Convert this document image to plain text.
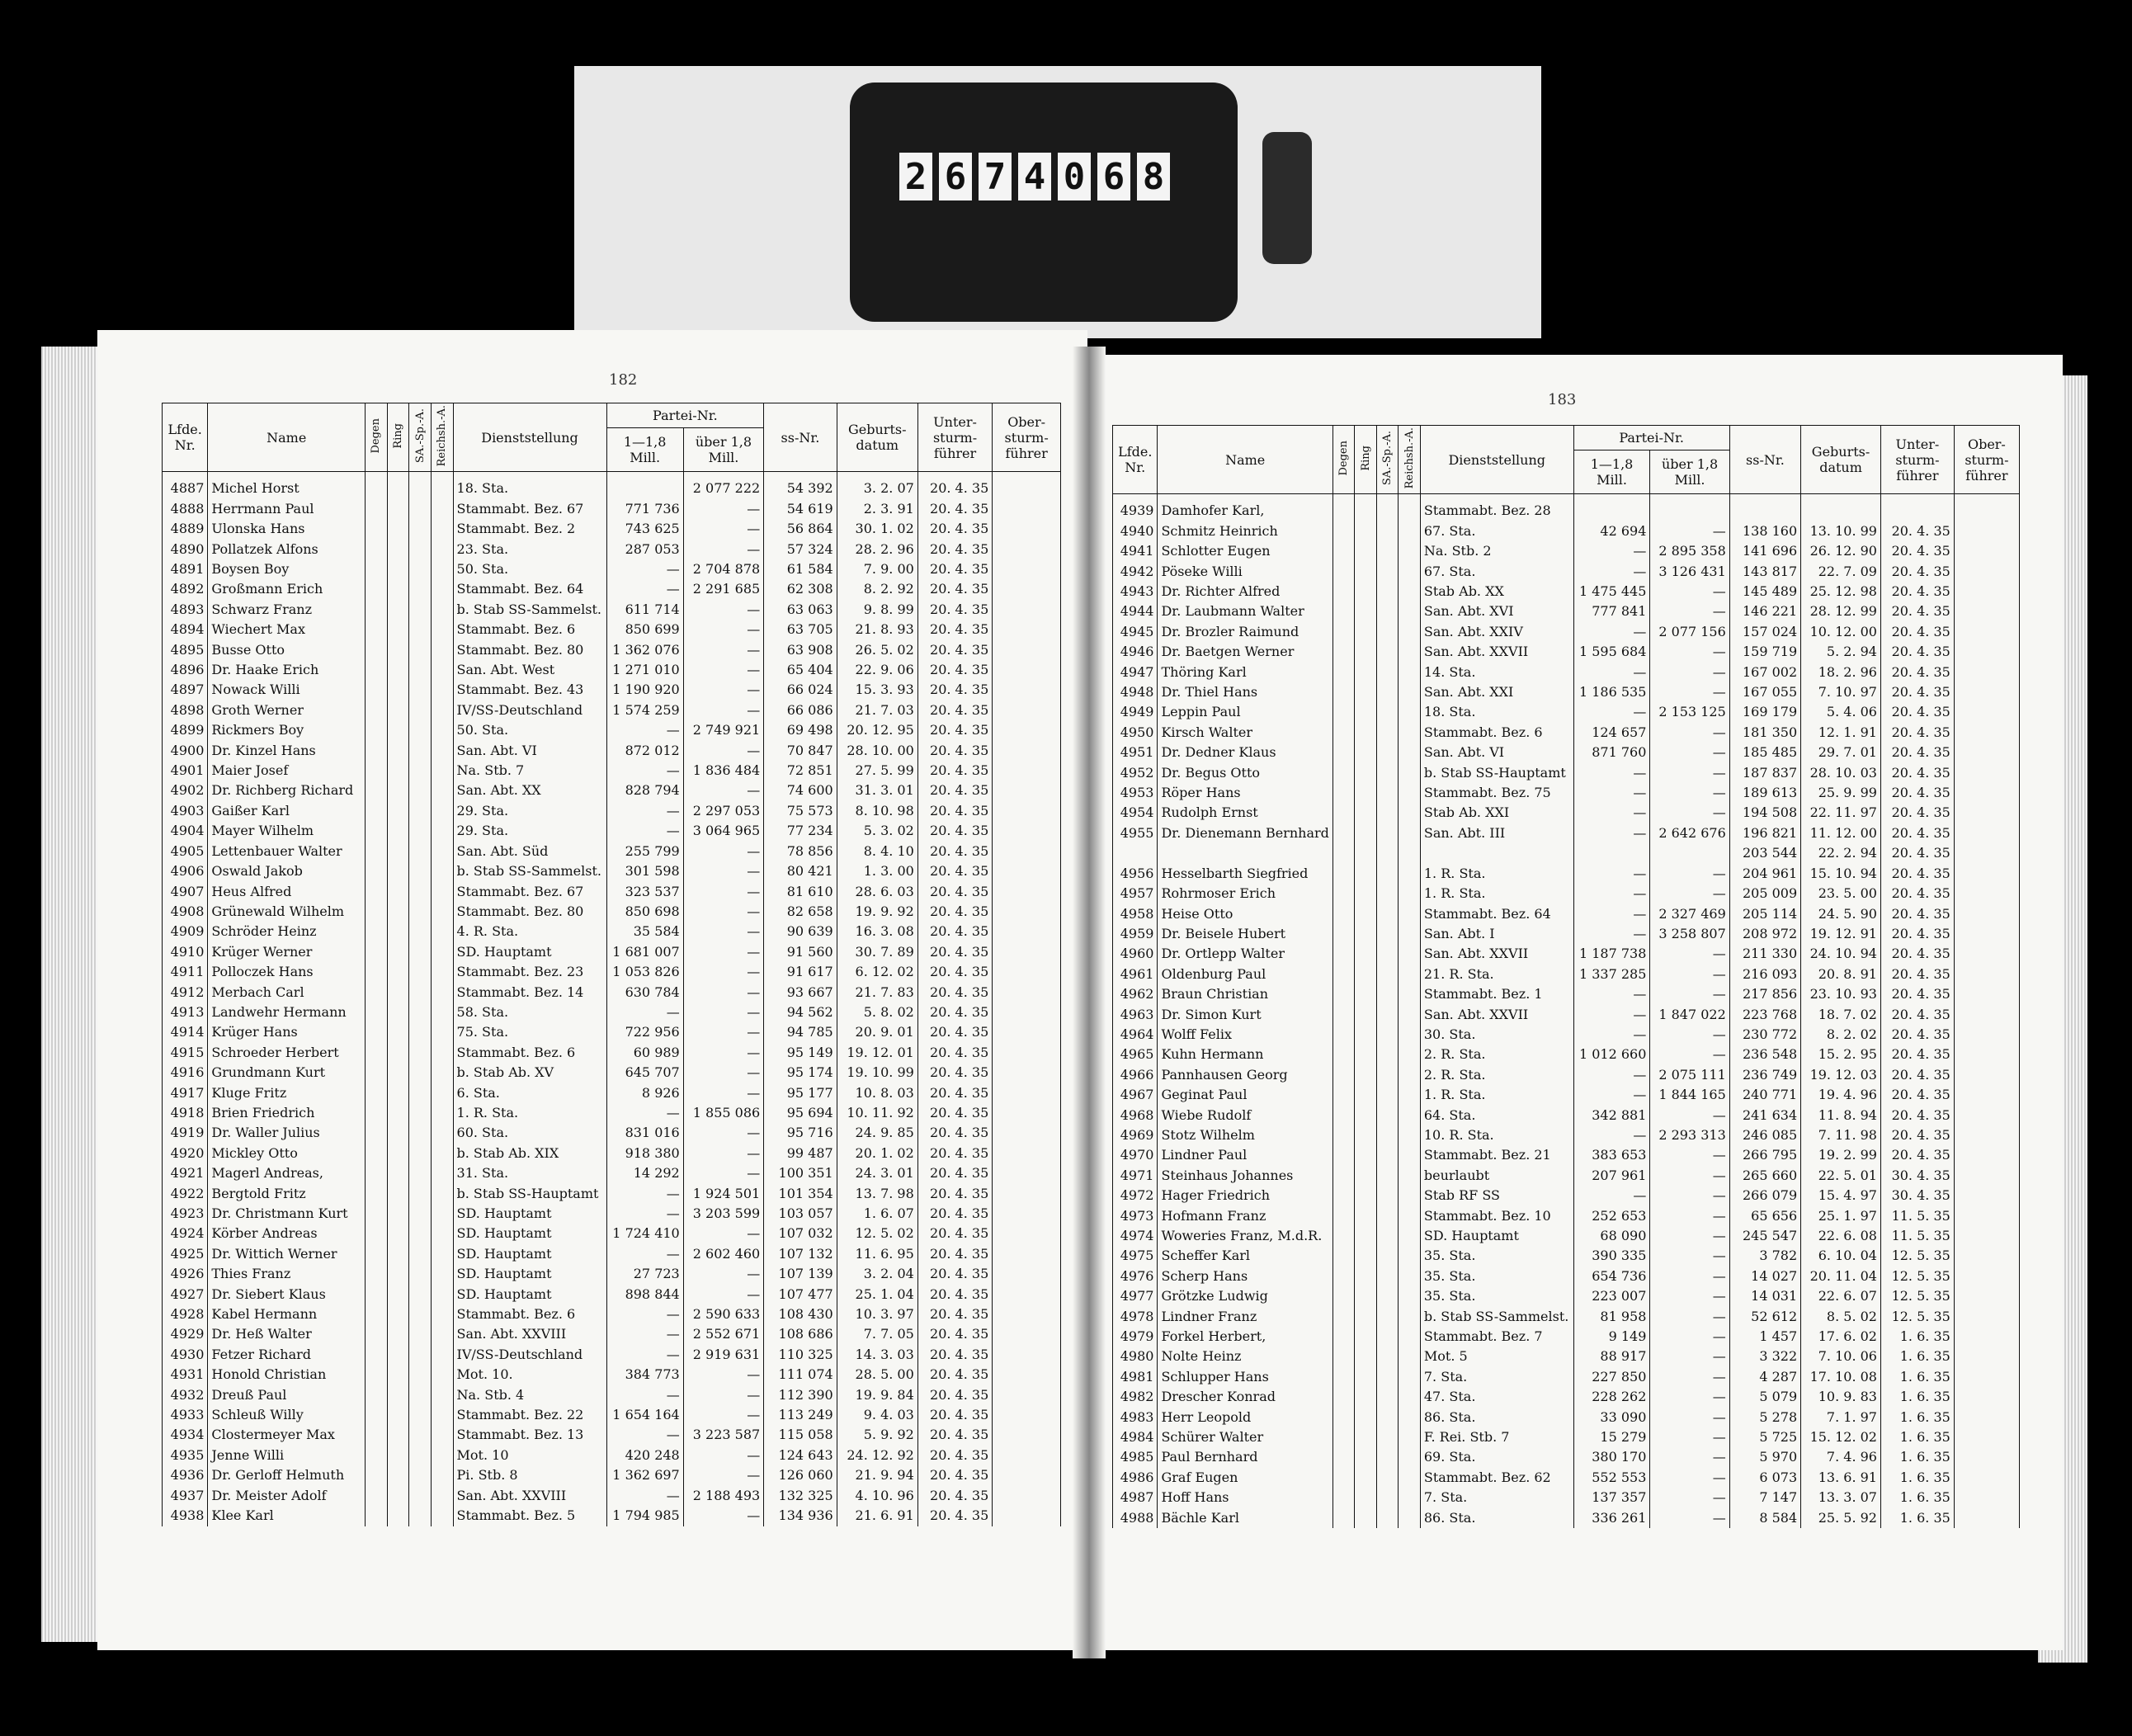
2 6 7 4 0 6 8
182
183
Lfde. Nr.	Name	Degen	Ring	SA.-Sp.-A.	Reichsh.-A.	Dienststellung	Partei-Nr.		ss-Nr.	Geburts-datum	Unter-sturm-führer	Ober-sturm-führer
							1—1,8 Mill.	über 1,8 Mill.				
4887	Michel Horst					18. Sta.		2 077 222	54 392	3. 2. 07	20. 4. 35	
4888	Herrmann Paul					Stammabt. Bez. 67	771 736	—	54 619	2. 3. 91	20. 4. 35	
4889	Ulonska Hans					Stammabt. Bez. 2	743 625	—	56 864	30. 1. 02	20. 4. 35	
4890	Pollatzek Alfons					23. Sta.	287 053	—	57 324	28. 2. 96	20. 4. 35	
4891	Boysen Boy					50. Sta.	—	2 704 878	61 584	7. 9. 00	20. 4. 35	
4892	Großmann Erich					Stammabt. Bez. 64	—	2 291 685	62 308	8. 2. 92	20. 4. 35	
4893	Schwarz Franz					b. Stab SS-Sammelst.	611 714	—	63 063	9. 8. 99	20. 4. 35	
4894	Wiechert Max					Stammabt. Bez. 6	850 699	—	63 705	21. 8. 93	20. 4. 35	
4895	Busse Otto					Stammabt. Bez. 80	1 362 076	—	63 908	26. 5. 02	20. 4. 35	
4896	Dr. Haake Erich					San. Abt. West	1 271 010	—	65 404	22. 9. 06	20. 4. 35	
4897	Nowack Willi					Stammabt. Bez. 43	1 190 920	—	66 024	15. 3. 93	20. 4. 35	
4898	Groth Werner					IV/SS-Deutschland	1 574 259	—	66 086	21. 7. 03	20. 4. 35	
4899	Rickmers Boy					50. Sta.	—	2 749 921	69 498	20. 12. 95	20. 4. 35	
4900	Dr. Kinzel Hans					San. Abt. VI	872 012	—	70 847	28. 10. 00	20. 4. 35	
4901	Maier Josef					Na. Stb. 7	—	1 836 484	72 851	27. 5. 99	20. 4. 35	
4902	Dr. Richberg Richard					San. Abt. XX	828 794	—	74 600	31. 3. 01	20. 4. 35	
4903	Gaißer Karl					29. Sta.	—	2 297 053	75 573	8. 10. 98	20. 4. 35	
4904	Mayer Wilhelm					29. Sta.	—	3 064 965	77 234	5. 3. 02	20. 4. 35	
4905	Lettenbauer Walter					San. Abt. Süd	255 799	—	78 856	8. 4. 10	20. 4. 35	
4906	Oswald Jakob					b. Stab SS-Sammelst.	301 598	—	80 421	1. 3. 00	20. 4. 35	
4907	Heus Alfred					Stammabt. Bez. 67	323 537	—	81 610	28. 6. 03	20. 4. 35	
4908	Grünewald Wilhelm					Stammabt. Bez. 80	850 698	—	82 658	19. 9. 92	20. 4. 35	
4909	Schröder Heinz					4. R. Sta.	35 584	—	90 639	16. 3. 08	20. 4. 35	
4910	Krüger Werner					SD. Hauptamt	1 681 007	—	91 560	30. 7. 89	20. 4. 35	
4911	Polloczek Hans					Stammabt. Bez. 23	1 053 826	—	91 617	6. 12. 02	20. 4. 35	
4912	Merbach Carl					Stammabt. Bez. 14	630 784	—	93 667	21. 7. 83	20. 4. 35	
4913	Landwehr Hermann					58. Sta.	—	—	94 562	5. 8. 02	20. 4. 35	
4914	Krüger Hans					75. Sta.	722 956	—	94 785	20. 9. 01	20. 4. 35	
4915	Schroeder Herbert					Stammabt. Bez. 6	60 989	—	95 149	19. 12. 01	20. 4. 35	
4916	Grundmann Kurt					b. Stab Ab. XV	645 707	—	95 174	19. 10. 99	20. 4. 35	
4917	Kluge Fritz					6. Sta.	8 926	—	95 177	10. 8. 03	20. 4. 35	
4918	Brien Friedrich					1. R. Sta.	—	1 855 086	95 694	10. 11. 92	20. 4. 35	
4919	Dr. Waller Julius					60. Sta.	831 016	—	95 716	24. 9. 85	20. 4. 35	
4920	Mickley Otto					b. Stab Ab. XIX	918 380	—	99 487	20. 1. 02	20. 4. 35	
4921	Magerl Andreas,					31. Sta.	14 292	—	100 351	24. 3. 01	20. 4. 35	
4922	Bergtold Fritz					b. Stab SS-Hauptamt	—	1 924 501	101 354	13. 7. 98	20. 4. 35	
4923	Dr. Christmann Kurt					SD. Hauptamt	—	3 203 599	103 057	1. 6. 07	20. 4. 35	
4924	Körber Andreas					SD. Hauptamt	1 724 410	—	107 032	12. 5. 02	20. 4. 35	
4925	Dr. Wittich Werner					SD. Hauptamt	—	2 602 460	107 132	11. 6. 95	20. 4. 35	
4926	Thies Franz					SD. Hauptamt	27 723	—	107 139	3. 2. 04	20. 4. 35	
4927	Dr. Siebert Klaus					SD. Hauptamt	898 844	—	107 477	25. 1. 04	20. 4. 35	
4928	Kabel Hermann					Stammabt. Bez. 6	—	2 590 633	108 430	10. 3. 97	20. 4. 35	
4929	Dr. Heß Walter					San. Abt. XXVIII	—	2 552 671	108 686	7. 7. 05	20. 4. 35	
4930	Fetzer Richard					IV/SS-Deutschland	—	2 919 631	110 325	14. 3. 03	20. 4. 35	
4931	Honold Christian					Mot. 10.	384 773	—	111 074	28. 5. 00	20. 4. 35	
4932	Dreuß Paul					Na. Stb. 4	—	—	112 390	19. 9. 84	20. 4. 35	
4933	Schleuß Willy					Stammabt. Bez. 22	1 654 164	—	113 249	9. 4. 03	20. 4. 35	
4934	Clostermeyer Max					Stammabt. Bez. 13	—	3 223 587	115 058	5. 9. 92	20. 4. 35	
4935	Jenne Willi					Mot. 10	420 248	—	124 643	24. 12. 92	20. 4. 35	
4936	Dr. Gerloff Helmuth					Pi. Stb. 8	1 362 697	—	126 060	21. 9. 94	20. 4. 35	
4937	Dr. Meister Adolf					San. Abt. XXVIII	—	2 188 493	132 325	4. 10. 96	20. 4. 35	
4938	Klee Karl					Stammabt. Bez. 5	1 794 985	—	134 936	21. 6. 91	20. 4. 35	
Lfde. Nr.	Name	Degen	Ring	SA.-Sp.-A.	Reichsh.-A.	Dienststellung	Partei-Nr.		ss-Nr.	Geburts-datum	Unter-sturm-führer	Ober-sturm-führer
							1—1,8 Mill.	über 1,8 Mill.				
4939	Damhofer Karl,					Stammabt. Bez. 28						
4940	Schmitz Heinrich					67. Sta.	42 694	—	138 160	13. 10. 99	20. 4. 35	
4941	Schlotter Eugen					Na. Stb. 2	—	2 895 358	141 696	26. 12. 90	20. 4. 35	
4942	Pöseke Willi					67. Sta.	—	3 126 431	143 817	22. 7. 09	20. 4. 35	
4943	Dr. Richter Alfred					Stab Ab. XX	1 475 445	—	145 489	25. 12. 98	20. 4. 35	
4944	Dr. Laubmann Walter					San. Abt. XVI	777 841	—	146 221	28. 12. 99	20. 4. 35	
4945	Dr. Brozler Raimund					San. Abt. XXIV	—	2 077 156	157 024	10. 12. 00	20. 4. 35	
4946	Dr. Baetgen Werner					San. Abt. XXVII	1 595 684	—	159 719	5. 2. 94	20. 4. 35	
4947	Thöring Karl					14. Sta.	—	—	167 002	18. 2. 96	20. 4. 35	
4948	Dr. Thiel Hans					San. Abt. XXI	1 186 535	—	167 055	7. 10. 97	20. 4. 35	
4949	Leppin Paul					18. Sta.	—	2 153 125	169 179	5. 4. 06	20. 4. 35	
4950	Kirsch Walter					Stammabt. Bez. 6	124 657	—	181 350	12. 1. 91	20. 4. 35	
4951	Dr. Dedner Klaus					San. Abt. VI	871 760	—	185 485	29. 7. 01	20. 4. 35	
4952	Dr. Begus Otto					b. Stab SS-Hauptamt	—	—	187 837	28. 10. 03	20. 4. 35	
4953	Röper Hans					Stammabt. Bez. 75	—	—	189 613	25. 9. 99	20. 4. 35	
4954	Rudolph Ernst					Stab Ab. XXI	—	—	194 508	22. 11. 97	20. 4. 35	
4955	Dr. Dienemann Bernhard					San. Abt. III	—	2 642 676	196 821	11. 12. 00	20. 4. 35	
									203 544	22. 2. 94	20. 4. 35	
4956	Hesselbarth Siegfried					1. R. Sta.	—	—	204 961	15. 10. 94	20. 4. 35	
4957	Rohrmoser Erich					1. R. Sta.	—	—	205 009	23. 5. 00	20. 4. 35	
4958	Heise Otto					Stammabt. Bez. 64	—	2 327 469	205 114	24. 5. 90	20. 4. 35	
4959	Dr. Beisele Hubert					San. Abt. I	—	3 258 807	208 972	19. 12. 91	20. 4. 35	
4960	Dr. Ortlepp Walter					San. Abt. XXVII	1 187 738	—	211 330	24. 10. 94	20. 4. 35	
4961	Oldenburg Paul					21. R. Sta.	1 337 285	—	216 093	20. 8. 91	20. 4. 35	
4962	Braun Christian					Stammabt. Bez. 1	—	—	217 856	23. 10. 93	20. 4. 35	
4963	Dr. Simon Kurt					San. Abt. XXVII	—	1 847 022	223 768	18. 7. 02	20. 4. 35	
4964	Wolff Felix					30. Sta.	—	—	230 772	8. 2. 02	20. 4. 35	
4965	Kuhn Hermann					2. R. Sta.	1 012 660	—	236 548	15. 2. 95	20. 4. 35	
4966	Pannhausen Georg					2. R. Sta.	—	2 075 111	236 749	19. 12. 03	20. 4. 35	
4967	Geginat Paul					1. R. Sta.	—	1 844 165	240 771	19. 4. 96	20. 4. 35	
4968	Wiebe Rudolf					64. Sta.	342 881	—	241 634	11. 8. 94	20. 4. 35	
4969	Stotz Wilhelm					10. R. Sta.	—	2 293 313	246 085	7. 11. 98	20. 4. 35	
4970	Lindner Paul					Stammabt. Bez. 21	383 653	—	266 795	19. 2. 99	20. 4. 35	
4971	Steinhaus Johannes					beurlaubt	207 961	—	265 660	22. 5. 01	30. 4. 35	
4972	Hager Friedrich					Stab RF SS	—	—	266 079	15. 4. 97	30. 4. 35	
4973	Hofmann Franz					Stammabt. Bez. 10	252 653	—	65 656	25. 1. 97	11. 5. 35	
4974	Woweries Franz, M.d.R.					SD. Hauptamt	68 090	—	245 547	22. 6. 08	11. 5. 35	
4975	Scheffer Karl					35. Sta.	390 335	—	3 782	6. 10. 04	12. 5. 35	
4976	Scherp Hans					35. Sta.	654 736	—	14 027	20. 11. 04	12. 5. 35	
4977	Grötzke Ludwig					35. Sta.	223 007	—	14 031	22. 6. 07	12. 5. 35	
4978	Lindner Franz					b. Stab SS-Sammelst.	81 958	—	52 612	8. 5. 02	12. 5. 35	
4979	Forkel Herbert,					Stammabt. Bez. 7	9 149	—	1 457	17. 6. 02	1. 6. 35	
4980	Nolte Heinz					Mot. 5	88 917	—	3 322	7. 10. 06	1. 6. 35	
4981	Schlupper Hans					7. Sta.	227 850	—	4 287	17. 10. 08	1. 6. 35	
4982	Drescher Konrad					47. Sta.	228 262	—	5 079	10. 9. 83	1. 6. 35	
4983	Herr Leopold					86. Sta.	33 090	—	5 278	7. 1. 97	1. 6. 35	
4984	Schürer Walter					F. Rei. Stb. 7	15 279	—	5 725	15. 12. 02	1. 6. 35	
4985	Paul Bernhard					69. Sta.	380 170	—	5 970	7. 4. 96	1. 6. 35	
4986	Graf Eugen					Stammabt. Bez. 62	552 553	—	6 073	13. 6. 91	1. 6. 35	
4987	Hoff Hans					7. Sta.	137 357	—	7 147	13. 3. 07	1. 6. 35	
4988	Bächle Karl					86. Sta.	336 261	—	8 584	25. 5. 92	1. 6. 35	
